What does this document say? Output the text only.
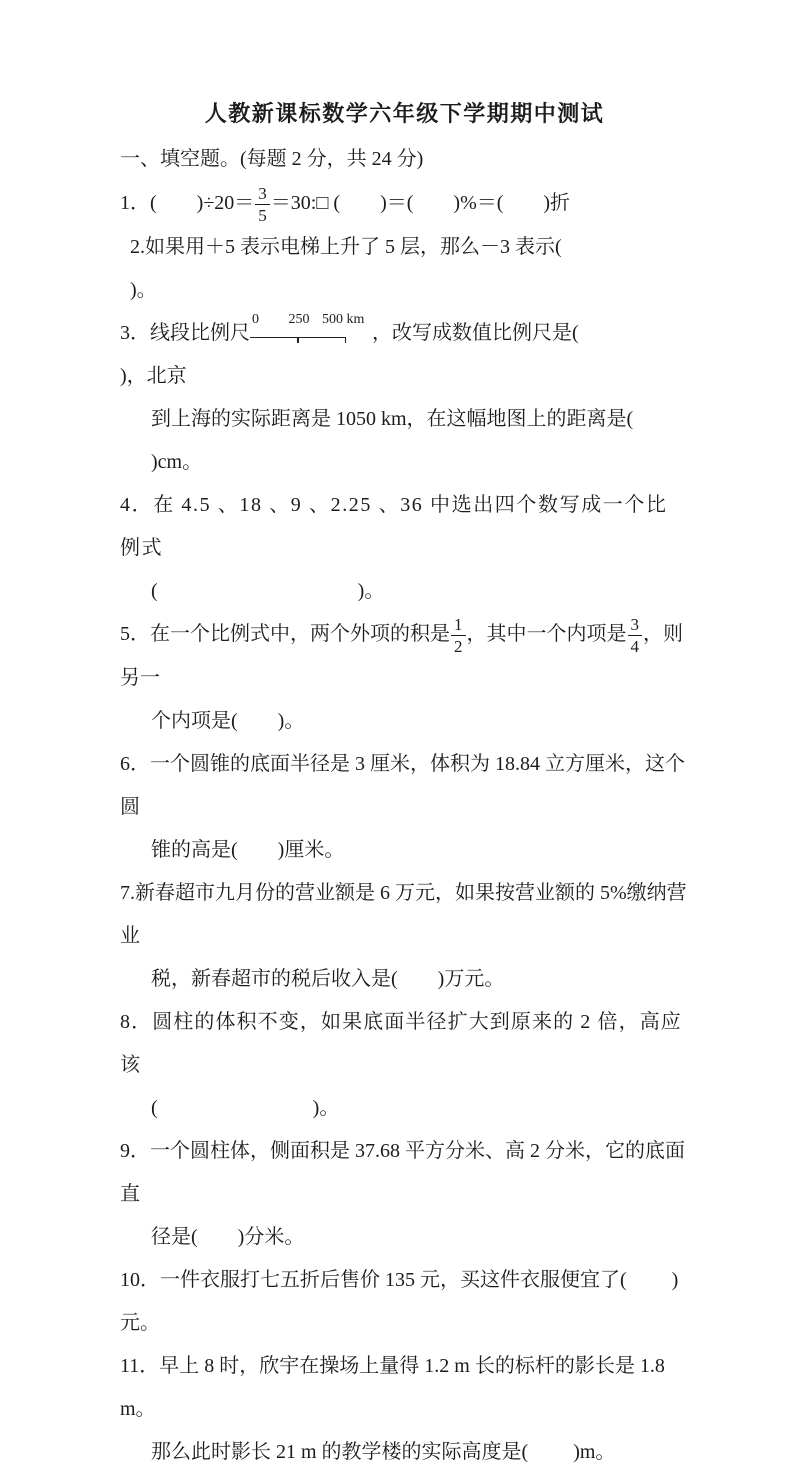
人教新课标数学六年级下学期期中测试
一、填空题。(每题 2 分，共 24 分)
1．(        )$\div 20= \frac{3}{5}$ ＝30:□ (        )＝(        )%＝(        )折
2.如果用＋5 表示电梯上升了 5 层，那么－3 表示(                                  )。
3．线段比例尺
0 250 500 km
，改写成数值比例尺是(                   )，北京
到上海的实际距离是 1050 km，在这幅地图上的距离是(        )cm。
4．在 4.5 、18 、9 、2.25 、36 中选出四个数写成一个比例式
(                                        )。
5．在一个比例式中，两个外项的积是 $\frac{1}{2}$ ，其中一个内项是 $\frac{3}{4}$ ，则另一
个内项是(        )。
6．一个圆锥的底面半径是 3 厘米，体积为 18.84 立方厘米，这个圆
锥的高是(        )厘米。
7.新春超市九月份的营业额是 6 万元，如果按营业额的 5%缴纳营业
税，新春超市的税后收入是(        )万元。
8．圆柱的体积不变，如果底面半径扩大到原来的 2 倍，高应该
(                               )。
9．一个圆柱体，侧面积是 37.68 平方分米、高 2 分米，它的底面直
径是(        )分米。
10．一件衣服打七五折后售价 135 元，买这件衣服便宜了(         )元。
11．早上 8 时，欣宇在操场上量得 1.2 m 长的标杆的影长是 1.8 m。
那么此时影长 21 m 的教学楼的实际高度是(         )m。
